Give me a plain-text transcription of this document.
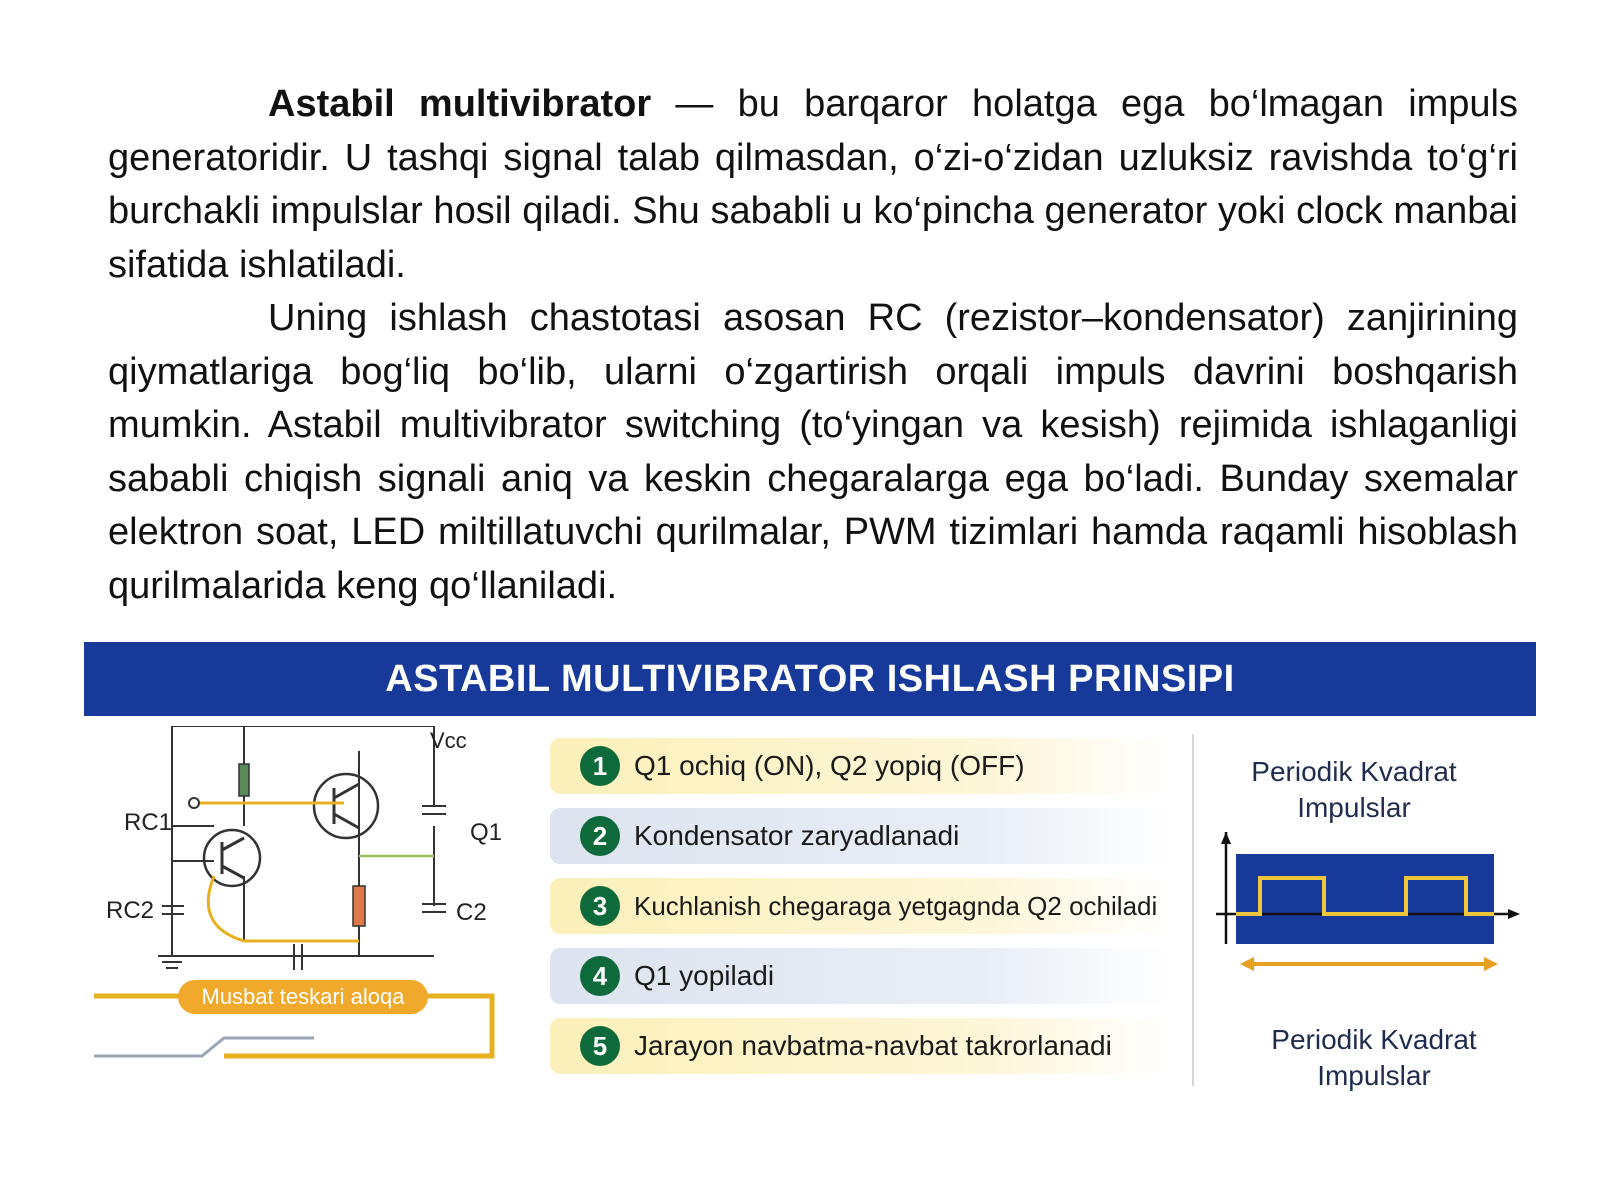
Astabil multivibrator — bu barqaror holatga ega bo‘lmagan impuls generatoridir. U tashqi signal talab qilmasdan, o‘zi-o‘zidan uzluksiz ravishda to‘g‘ri burchakli impulslar hosil qiladi. Shu sababli u ko‘pincha generator yoki clock manbai sifatida ishlatiladi.

Uning ishlash chastotasi asosan RC (rezistor–kondensator) zanjirining qiymatlariga bog‘liq bo‘lib, ularni o‘zgartirish orqali impuls davrini boshqarish mumkin. Astabil multivibrator switching (to‘yingan va kesish) rejimida ishlaganligi sababli chiqish signali aniq va keskin chegaralarga ega bo‘ladi. Bunday sxemalar elektron soat, LED miltillatuvchi qurilmalar, PWM tizimlari hamda raqamli hisoblash qurilmalarida keng qo‘llaniladi.

ASTABIL MULTIVIBRATOR ISHLASH PRINSIPI
Vcc
RC1
RC2
Q1
C2
Musbat teskari aloqa
1 Q1 ochiq (ON), Q2 yopiq (OFF)
2 Kondensator zaryadlanadi
3	Kuchlanish chegaraga yetgagnda Q2 ochiladi
4 Q1 yopiladi
5 Jarayon navbatma-navbat takrorlanadi
Periodik Kvadrat Impulslar
Periodik Kvadrat Impulslar
